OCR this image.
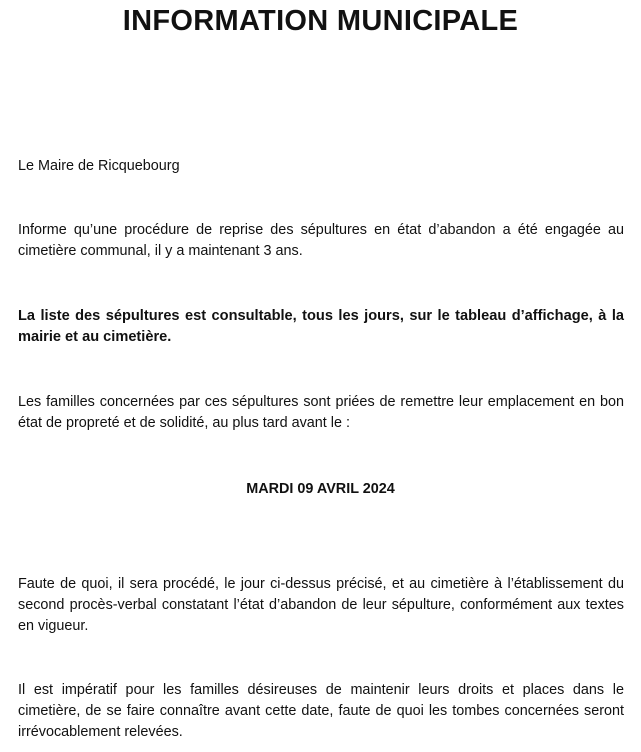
INFORMATION MUNICIPALE

Le Maire de Ricquebourg

Informe qu’une procédure de reprise des sépultures en état d’abandon a été engagée au cimetière communal, il y a maintenant 3 ans.

La liste des sépultures est consultable, tous les jours, sur le tableau d’affichage, à la mairie et au cimetière.

Les familles concernées par ces sépultures sont priées de remettre leur emplacement en bon état de propreté et de solidité, au plus tard avant le :

MARDI 09 AVRIL 2024

Faute de quoi, il sera procédé, le jour ci-dessus précisé, et au cimetière à l’établissement du second procès-verbal constatant l’état d’abandon de leur sépulture, conformément aux textes en vigueur.

Il est impératif pour les familles désireuses de maintenir leurs droits et places dans le cimetière, de se faire connaître avant cette date, faute de quoi les tombes concernées seront irrévocablement relevées.
